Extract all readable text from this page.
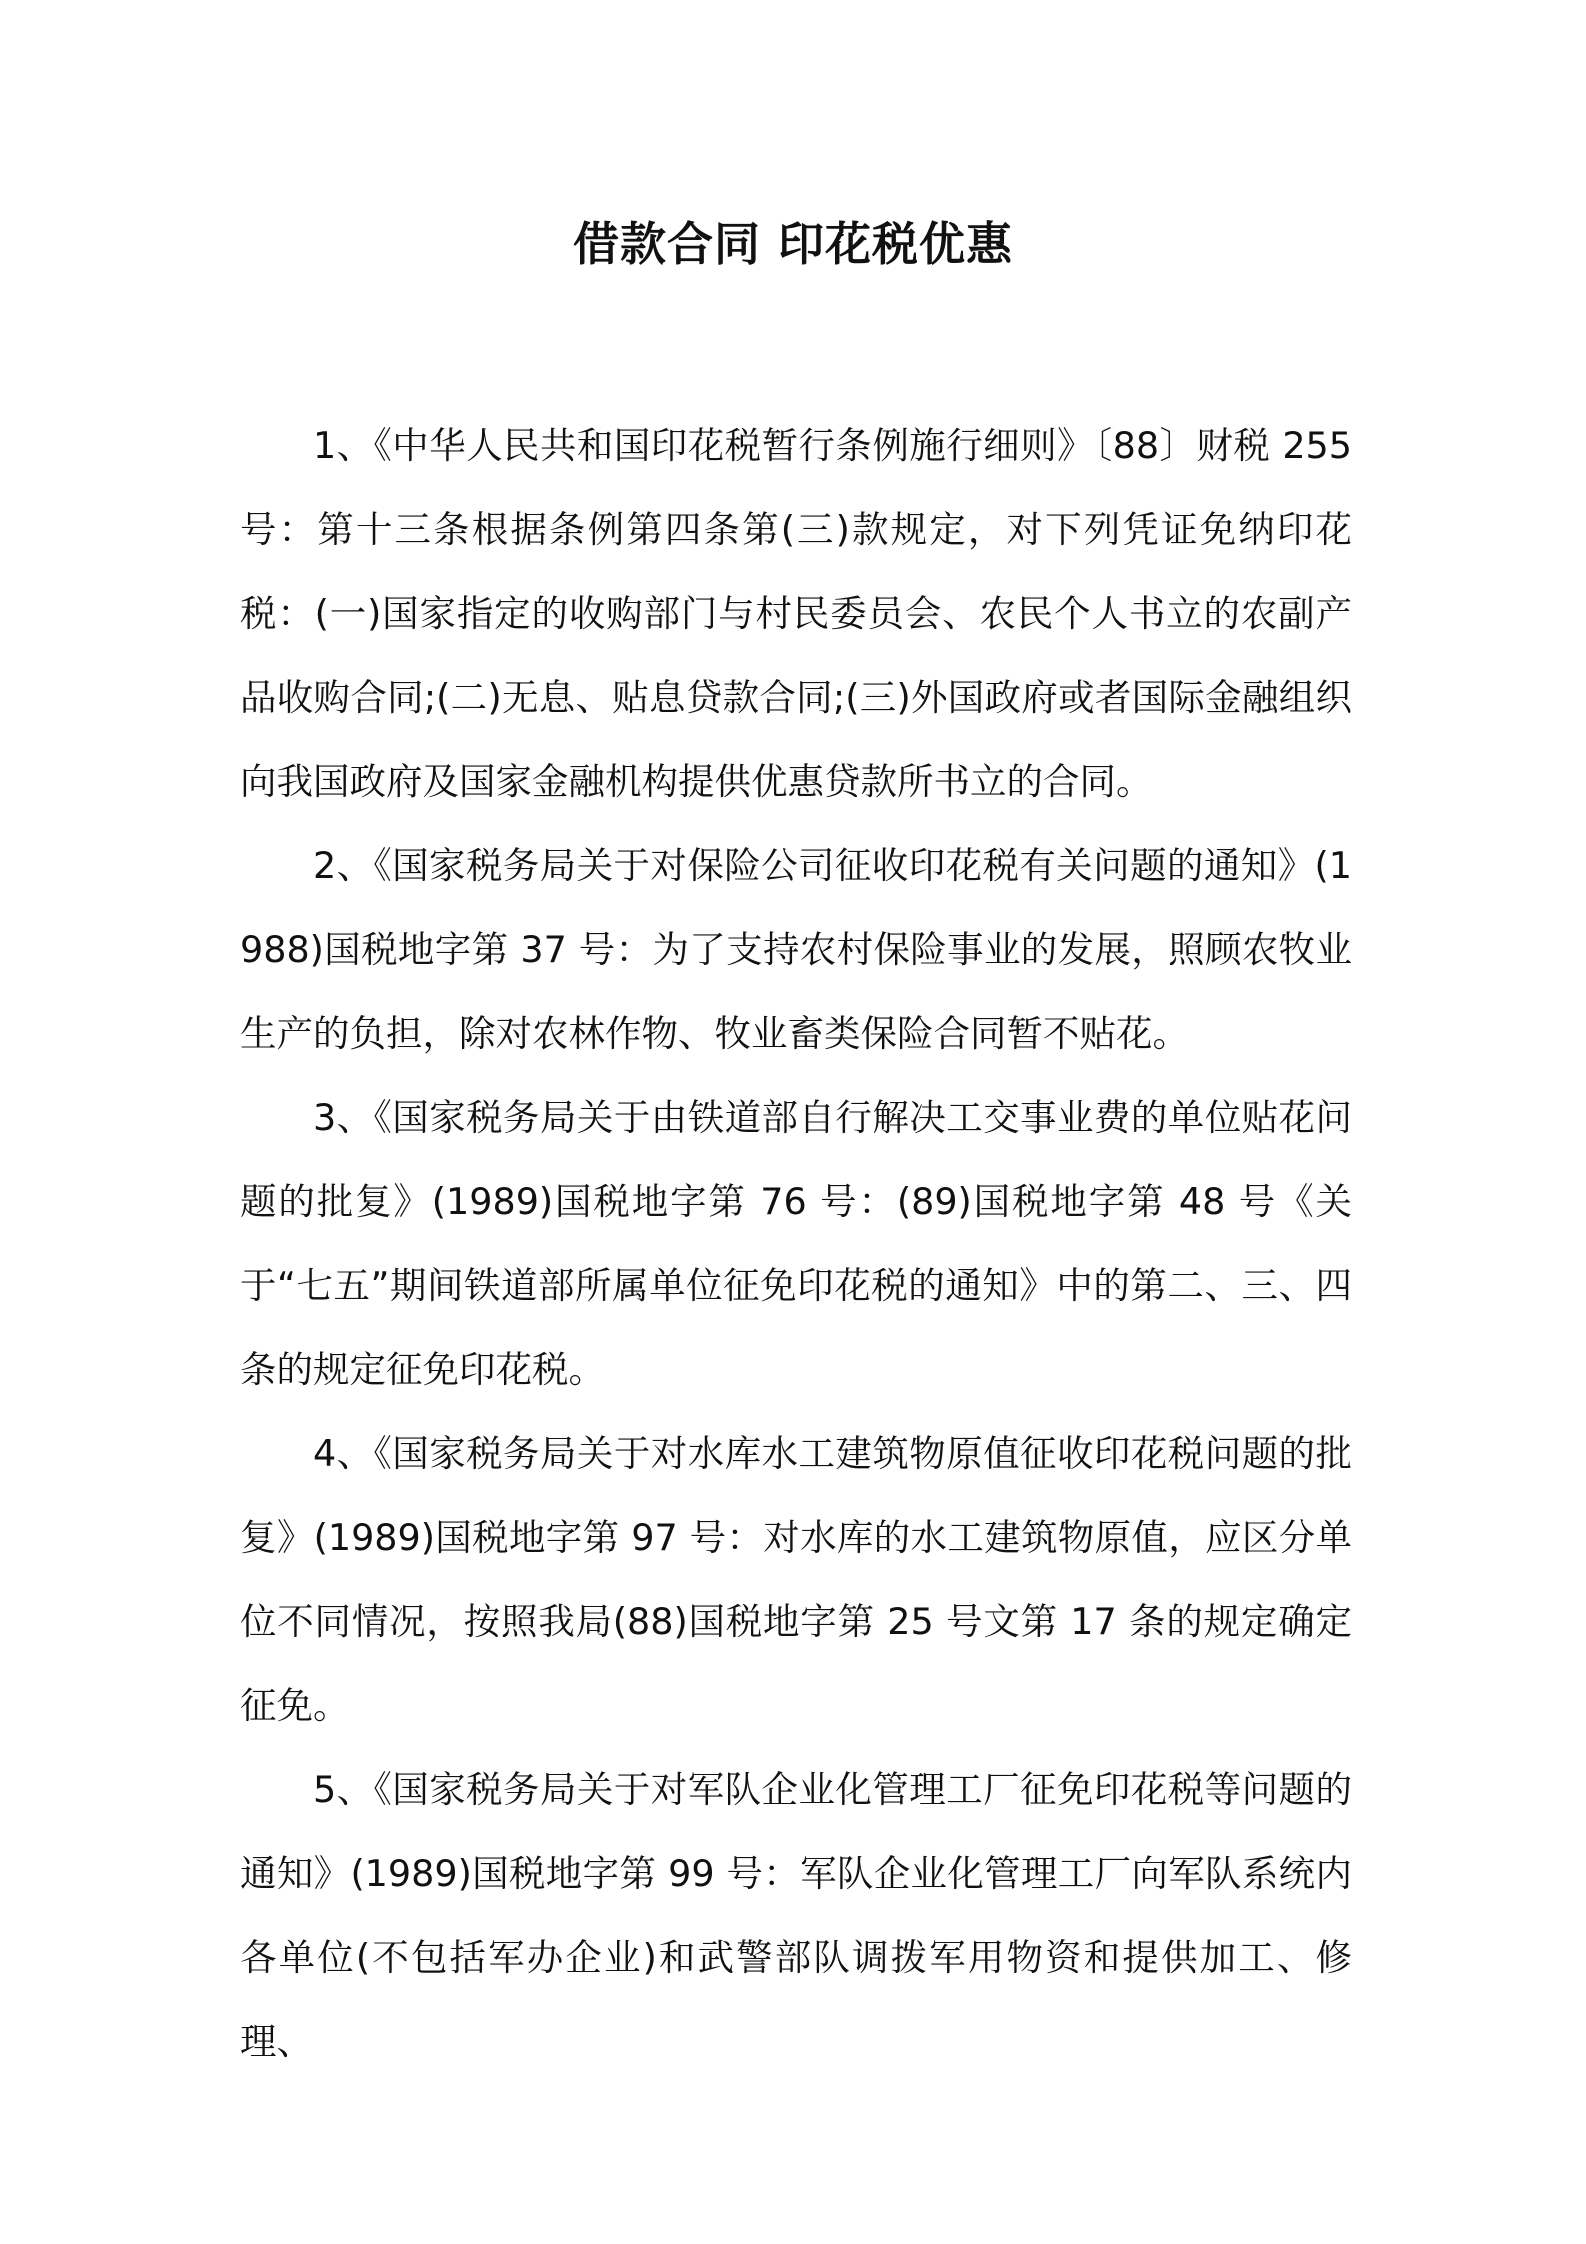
借款合同 印花税优惠

1、《中华人民共和国印花税暂行条例施行细则》〔88〕财税 255 号：第十三条根据条例第四条第(三)款规定，对下列凭证免纳印花税：(一)国家指定的收购部门与村民委员会、农民个人书立的农副产品收购合同;(二)无息、贴息贷款合同;(三)外国政府或者国际金融组织向我国政府及国家金融机构提供优惠贷款所书立的合同。

2、《国家税务局关于对保险公司征收印花税有关问题的通知》(1988)国税地字第 37 号：为了支持农村保险事业的发展，照顾农牧业生产的负担，除对农林作物、牧业畜类保险合同暂不贴花。

3、《国家税务局关于由铁道部自行解决工交事业费的单位贴花问题的批复》(1989)国税地字第 76 号：(89)国税地字第 48 号《关于“七五”期间铁道部所属单位征免印花税的通知》中的第二、三、四条的规定征免印花税。

4、《国家税务局关于对水库水工建筑物原值征收印花税问题的批复》(1989)国税地字第 97 号：对水库的水工建筑物原值，应区分单位不同情况，按照我局(88)国税地字第 25 号文第 17 条的规定确定征免。

5、《国家税务局关于对军队企业化管理工厂征免印花税等问题的通知》(1989)国税地字第 99 号：军队企业化管理工厂向军队系统内各单位(不包括军办企业)和武警部队调拨军用物资和提供加工、修理、
